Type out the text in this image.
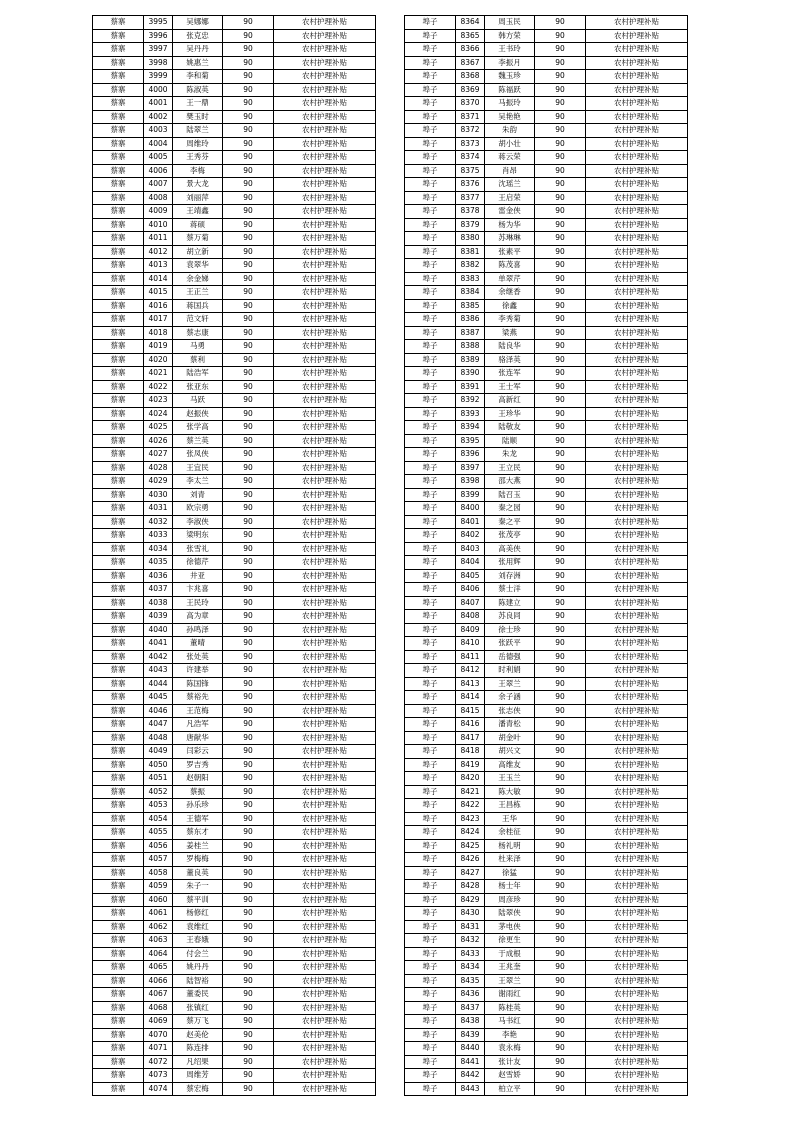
蔡寨	3995	吴娜娜	90	农村护理补贴
蔡寨	3996	张克忠	90	农村护理补贴
蔡寨	3997	吴丹丹	90	农村护理补贴
蔡寨	3998	姚惠兰	90	农村护理补贴
蔡寨	3999	李和菊	90	农村护理补贴
蔡寨	4000	陈淑英	90	农村护理补贴
蔡寨	4001	王一鼎	90	农村护理补贴
蔡寨	4002	樊玉时	90	农村护理补贴
蔡寨	4003	陆翠兰	90	农村护理补贴
蔡寨	4004	周维玲	90	农村护理补贴
蔡寨	4005	王秀芬	90	农村护理补贴
蔡寨	4006	李梅	90	农村护理补贴
蔡寨	4007	景大龙	90	农村护理补贴
蔡寨	4008	刘丽萍	90	农村护理补贴
蔡寨	4009	王靖鑫	90	农村护理补贴
蔡寨	4010	蒋硕	90	农村护理补贴
蔡寨	4011	蔡万菊	90	农村护理补贴
蔡寨	4012	胡立新	90	农村护理补贴
蔡寨	4013	袁翠华	90	农村护理补贴
蔡寨	4014	余金娣	90	农村护理补贴
蔡寨	4015	王正兰	90	农村护理补贴
蔡寨	4016	蒋国兵	90	农村护理补贴
蔡寨	4017	范文轩	90	农村护理补贴
蔡寨	4018	蔡志康	90	农村护理补贴
蔡寨	4019	马勇	90	农村护理补贴
蔡寨	4020	蔡利	90	农村护理补贴
蔡寨	4021	陆浩军	90	农村护理补贴
蔡寨	4022	张亚东	90	农村护理补贴
蔡寨	4023	马跃	90	农村护理补贴
蔡寨	4024	赵振侠	90	农村护理补贴
蔡寨	4025	张学高	90	农村护理补贴
蔡寨	4026	蔡兰英	90	农村护理补贴
蔡寨	4027	张凤侠	90	农村护理补贴
蔡寨	4028	王宜民	90	农村护理补贴
蔡寨	4029	李太兰	90	农村护理补贴
蔡寨	4030	刘青	90	农村护理补贴
蔡寨	4031	欧宗勇	90	农村护理补贴
蔡寨	4032	李淑侠	90	农村护理补贴
蔡寨	4033	梁明东	90	农村护理补贴
蔡寨	4034	张雪礼	90	农村护理补贴
蔡寨	4035	徐德芹	90	农村护理补贴
蔡寨	4036	井亚	90	农村护理补贴
蔡寨	4037	卞兆喜	90	农村护理补贴
蔡寨	4038	王民玲	90	农村护理补贴
蔡寨	4039	高为章	90	农村护理补贴
蔡寨	4040	孙鸣泽	90	农村护理补贴
蔡寨	4041	董晴	90	农村护理补贴
蔡寨	4042	张处英	90	农村护理补贴
蔡寨	4043	许建举	90	农村护理补贴
蔡寨	4044	陈国锋	90	农村护理补贴
蔡寨	4045	蔡裕先	90	农村护理补贴
蔡寨	4046	王范梅	90	农村护理补贴
蔡寨	4047	凡浩军	90	农村护理补贴
蔡寨	4048	唐献华	90	农村护理补贴
蔡寨	4049	闫彩云	90	农村护理补贴
蔡寨	4050	罗吉秀	90	农村护理补贴
蔡寨	4051	赵朝阳	90	农村护理补贴
蔡寨	4052	蔡振	90	农村护理补贴
蔡寨	4053	孙乐珍	90	农村护理补贴
蔡寨	4054	王德军	90	农村护理补贴
蔡寨	4055	蔡东才	90	农村护理补贴
蔡寨	4056	姜桂兰	90	农村护理补贴
蔡寨	4057	罗梅梅	90	农村护理补贴
蔡寨	4058	董良英	90	农村护理补贴
蔡寨	4059	朱子一	90	农村护理补贴
蔡寨	4060	蔡平训	90	农村护理补贴
蔡寨	4061	杨修红	90	农村护理补贴
蔡寨	4062	袁维红	90	农村护理补贴
蔡寨	4063	王春娥	90	农村护理补贴
蔡寨	4064	付会兰	90	农村护理补贴
蔡寨	4065	姚丹丹	90	农村护理补贴
蔡寨	4066	陆智裕	90	农村护理补贴
蔡寨	4067	董委民	90	农村护理补贴
蔡寨	4068	张镇红	90	农村护理补贴
蔡寨	4069	蔡万飞	90	农村护理补贴
蔡寨	4070	赵美伦	90	农村护理补贴
蔡寨	4071	陈连排	90	农村护理补贴
蔡寨	4072	凡绍果	90	农村护理补贴
蔡寨	4073	周维芳	90	农村护理补贴
蔡寨	4074	蔡宏梅	90	农村护理补贴
埠子	8364	周玉民	90	农村护理补贴
埠子	8365	韩方荣	90	农村护理补贴
埠子	8366	王书玲	90	农村护理补贴
埠子	8367	李振月	90	农村护理补贴
埠子	8368	魏玉珍	90	农村护理补贴
埠子	8369	陈福跃	90	农村护理补贴
埠子	8370	马振玲	90	农村护理补贴
埠子	8371	吴艳艳	90	农村护理补贴
埠子	8372	朱韵	90	农村护理补贴
埠子	8373	胡小壮	90	农村护理补贴
埠子	8374	蒋云荣	90	农村护理补贴
埠子	8375	肖昂	90	农村护理补贴
埠子	8376	沈瑶兰	90	农村护理补贴
埠子	8377	王启荣	90	农村护理补贴
埠子	8378	雷金侠	90	农村护理补贴
埠子	8379	杨为华	90	农村护理补贴
埠子	8380	苏琳琳	90	农村护理补贴
埠子	8381	张素平	90	农村护理补贴
埠子	8382	陈茂喜	90	农村护理补贴
埠子	8383	单翠芹	90	农村护理补贴
埠子	8384	余继香	90	农村护理补贴
埠子	8385	徐鑫	90	农村护理补贴
埠子	8386	李秀菊	90	农村护理补贴
埠子	8387	梁燕	90	农村护理补贴
埠子	8388	陆良华	90	农村护理补贴
埠子	8389	骆泽英	90	农村护理补贴
埠子	8390	张连军	90	农村护理补贴
埠子	8391	王士军	90	农村护理补贴
埠子	8392	高新红	90	农村护理补贴
埠子	8393	王珍华	90	农村护理补贴
埠子	8394	陆敬友	90	农村护理补贴
埠子	8395	陆顺	90	农村护理补贴
埠子	8396	朱龙	90	农村护理补贴
埠子	8397	王立民	90	农村护理补贴
埠子	8398	邵大燕	90	农村护理补贴
埠子	8399	陆召玉	90	农村护理补贴
埠子	8400	秦之园	90	农村护理补贴
埠子	8401	秦之平	90	农村护理补贴
埠子	8402	张茂亭	90	农村护理补贴
埠子	8403	高美侠	90	农村护理补贴
埠子	8404	张用辉	90	农村护理补贴
埠子	8405	刘存洲	90	农村护理补贴
埠子	8406	蔡士洋	90	农村护理补贴
埠子	8407	陈建立	90	农村护理补贴
埠子	8408	苏良同	90	农村护理补贴
埠子	8409	徐士珍	90	农村护理补贴
埠子	8410	张跃平	90	农村护理补贴
埠子	8411	岳德强	90	农村护理补贴
埠子	8412	时利娟	90	农村护理补贴
埠子	8413	王翠兰	90	农村护理补贴
埠子	8414	余子涵	90	农村护理补贴
埠子	8415	张志侠	90	农村护理补贴
埠子	8416	潘青松	90	农村护理补贴
埠子	8417	胡金叶	90	农村护理补贴
埠子	8418	胡兴文	90	农村护理补贴
埠子	8419	高维友	90	农村护理补贴
埠子	8420	王玉兰	90	农村护理补贴
埠子	8421	陈大敏	90	农村护理补贴
埠子	8422	王昌栋	90	农村护理补贴
埠子	8423	王华	90	农村护理补贴
埠子	8424	余桂征	90	农村护理补贴
埠子	8425	杨礼明	90	农村护理补贴
埠子	8426	杜来泽	90	农村护理补贴
埠子	8427	徐猛	90	农村护理补贴
埠子	8428	杨士年	90	农村护理补贴
埠子	8429	周彦珍	90	农村护理补贴
埠子	8430	陆翠侠	90	农村护理补贴
埠子	8431	茅电侠	90	农村护理补贴
埠子	8432	徐更生	90	农村护理补贴
埠子	8433	于成根	90	农村护理补贴
埠子	8434	王兆奎	90	农村护理补贴
埠子	8435	王翠兰	90	农村护理补贴
埠子	8436	谢雨红	90	农村护理补贴
埠子	8437	陈桂英	90	农村护理补贴
埠子	8438	马书红	90	农村护理补贴
埠子	8439	李艳	90	农村护理补贴
埠子	8440	袁永梅	90	农村护理补贴
埠子	8441	张计友	90	农村护理补贴
埠子	8442	赵雪娇	90	农村护理补贴
埠子	8443	柏立平	90	农村护理补贴
